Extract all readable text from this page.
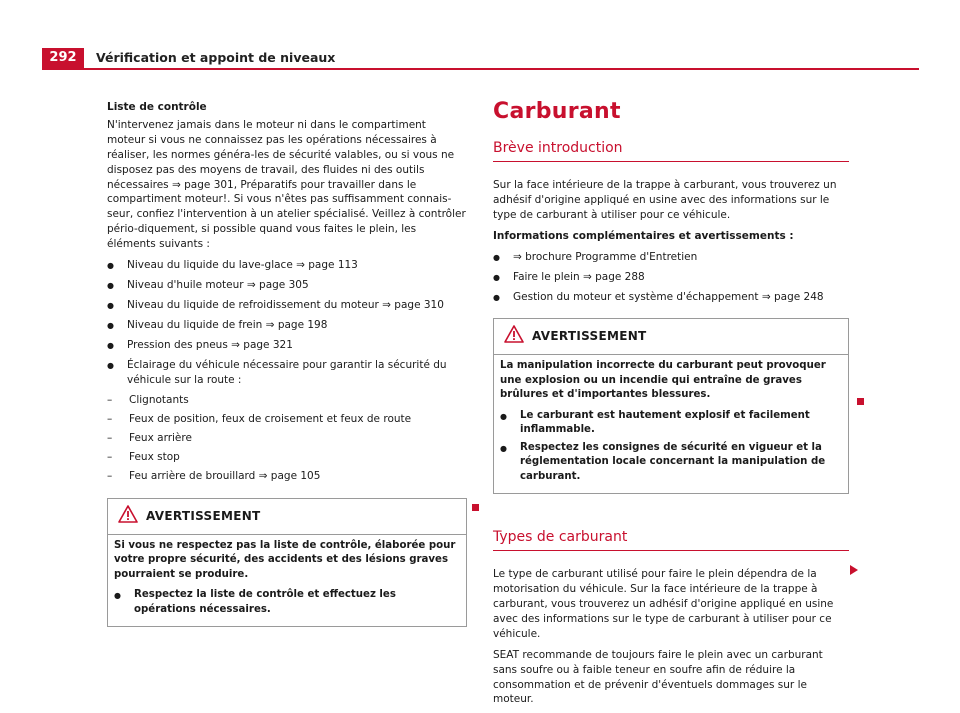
292	Vérification et appoint de niveaux
Liste de contrôle

N'intervenez jamais dans le moteur ni dans le compartiment moteur si vous ne connaissez pas les opérations nécessaires à réaliser, les normes généra-les de sécurité valables, ou si vous ne disposez pas des moyens de travail, des fluides ni des outils nécessaires ⇒ page 301, Préparatifs pour travailler dans le compartiment moteur!. Si vous n'êtes pas suffisamment connais-seur, confiez l'intervention à un atelier spécialisé. Veillez à contrôler pério-diquement, si possible quand vous faites le plein, les éléments suivants :

● Niveau du liquide du lave-glace ⇒ page 113
● Niveau d'huile moteur ⇒ page 305
● Niveau du liquide de refroidissement du moteur ⇒ page 310
● Niveau du liquide de frein ⇒ page 198
● Pression des pneus ⇒ page 321
● Éclairage du véhicule nécessaire pour garantir la sécurité du véhicule sur la route :
– Clignotants
– Feux de position, feux de croisement et feux de route
– Feux arrière
– Feux stop
– Feu arrière de brouillard ⇒ page 105
AVERTISSEMENT

Si vous ne respectez pas la liste de contrôle, élaborée pour votre propre sécurité, des accidents et des lésions graves pourraient se produire.

● Respectez la liste de contrôle et effectuez les opérations nécessaires.
Carburant
Brève introduction

Sur la face intérieure de la trappe à carburant, vous trouverez un adhésif d'origine appliqué en usine avec des informations sur le type de carburant à utiliser pour ce véhicule.

Informations complémentaires et avertissements :
● ⇒ brochure Programme d'Entretien
● Faire le plein ⇒ page 288
● Gestion du moteur et système d'échappement ⇒ page 248
AVERTISSEMENT

La manipulation incorrecte du carburant peut provoquer une explosion ou un incendie qui entraîne de graves brûlures et d'importantes blessures.

● Le carburant est hautement explosif et facilement inflammable.
● Respectez les consignes de sécurité en vigueur et la réglementation locale concernant la manipulation de carburant.
Types de carburant

Le type de carburant utilisé pour faire le plein dépendra de la motorisation du véhicule. Sur la face intérieure de la trappe à carburant, vous trouverez un adhésif d'origine appliqué en usine avec des informations sur le type de carburant à utiliser pour ce véhicule.

SEAT recommande de toujours faire le plein avec un carburant sans soufre ou à faible teneur en soufre afin de réduire la consommation et de prévenir d'éventuels dommages sur le moteur.
